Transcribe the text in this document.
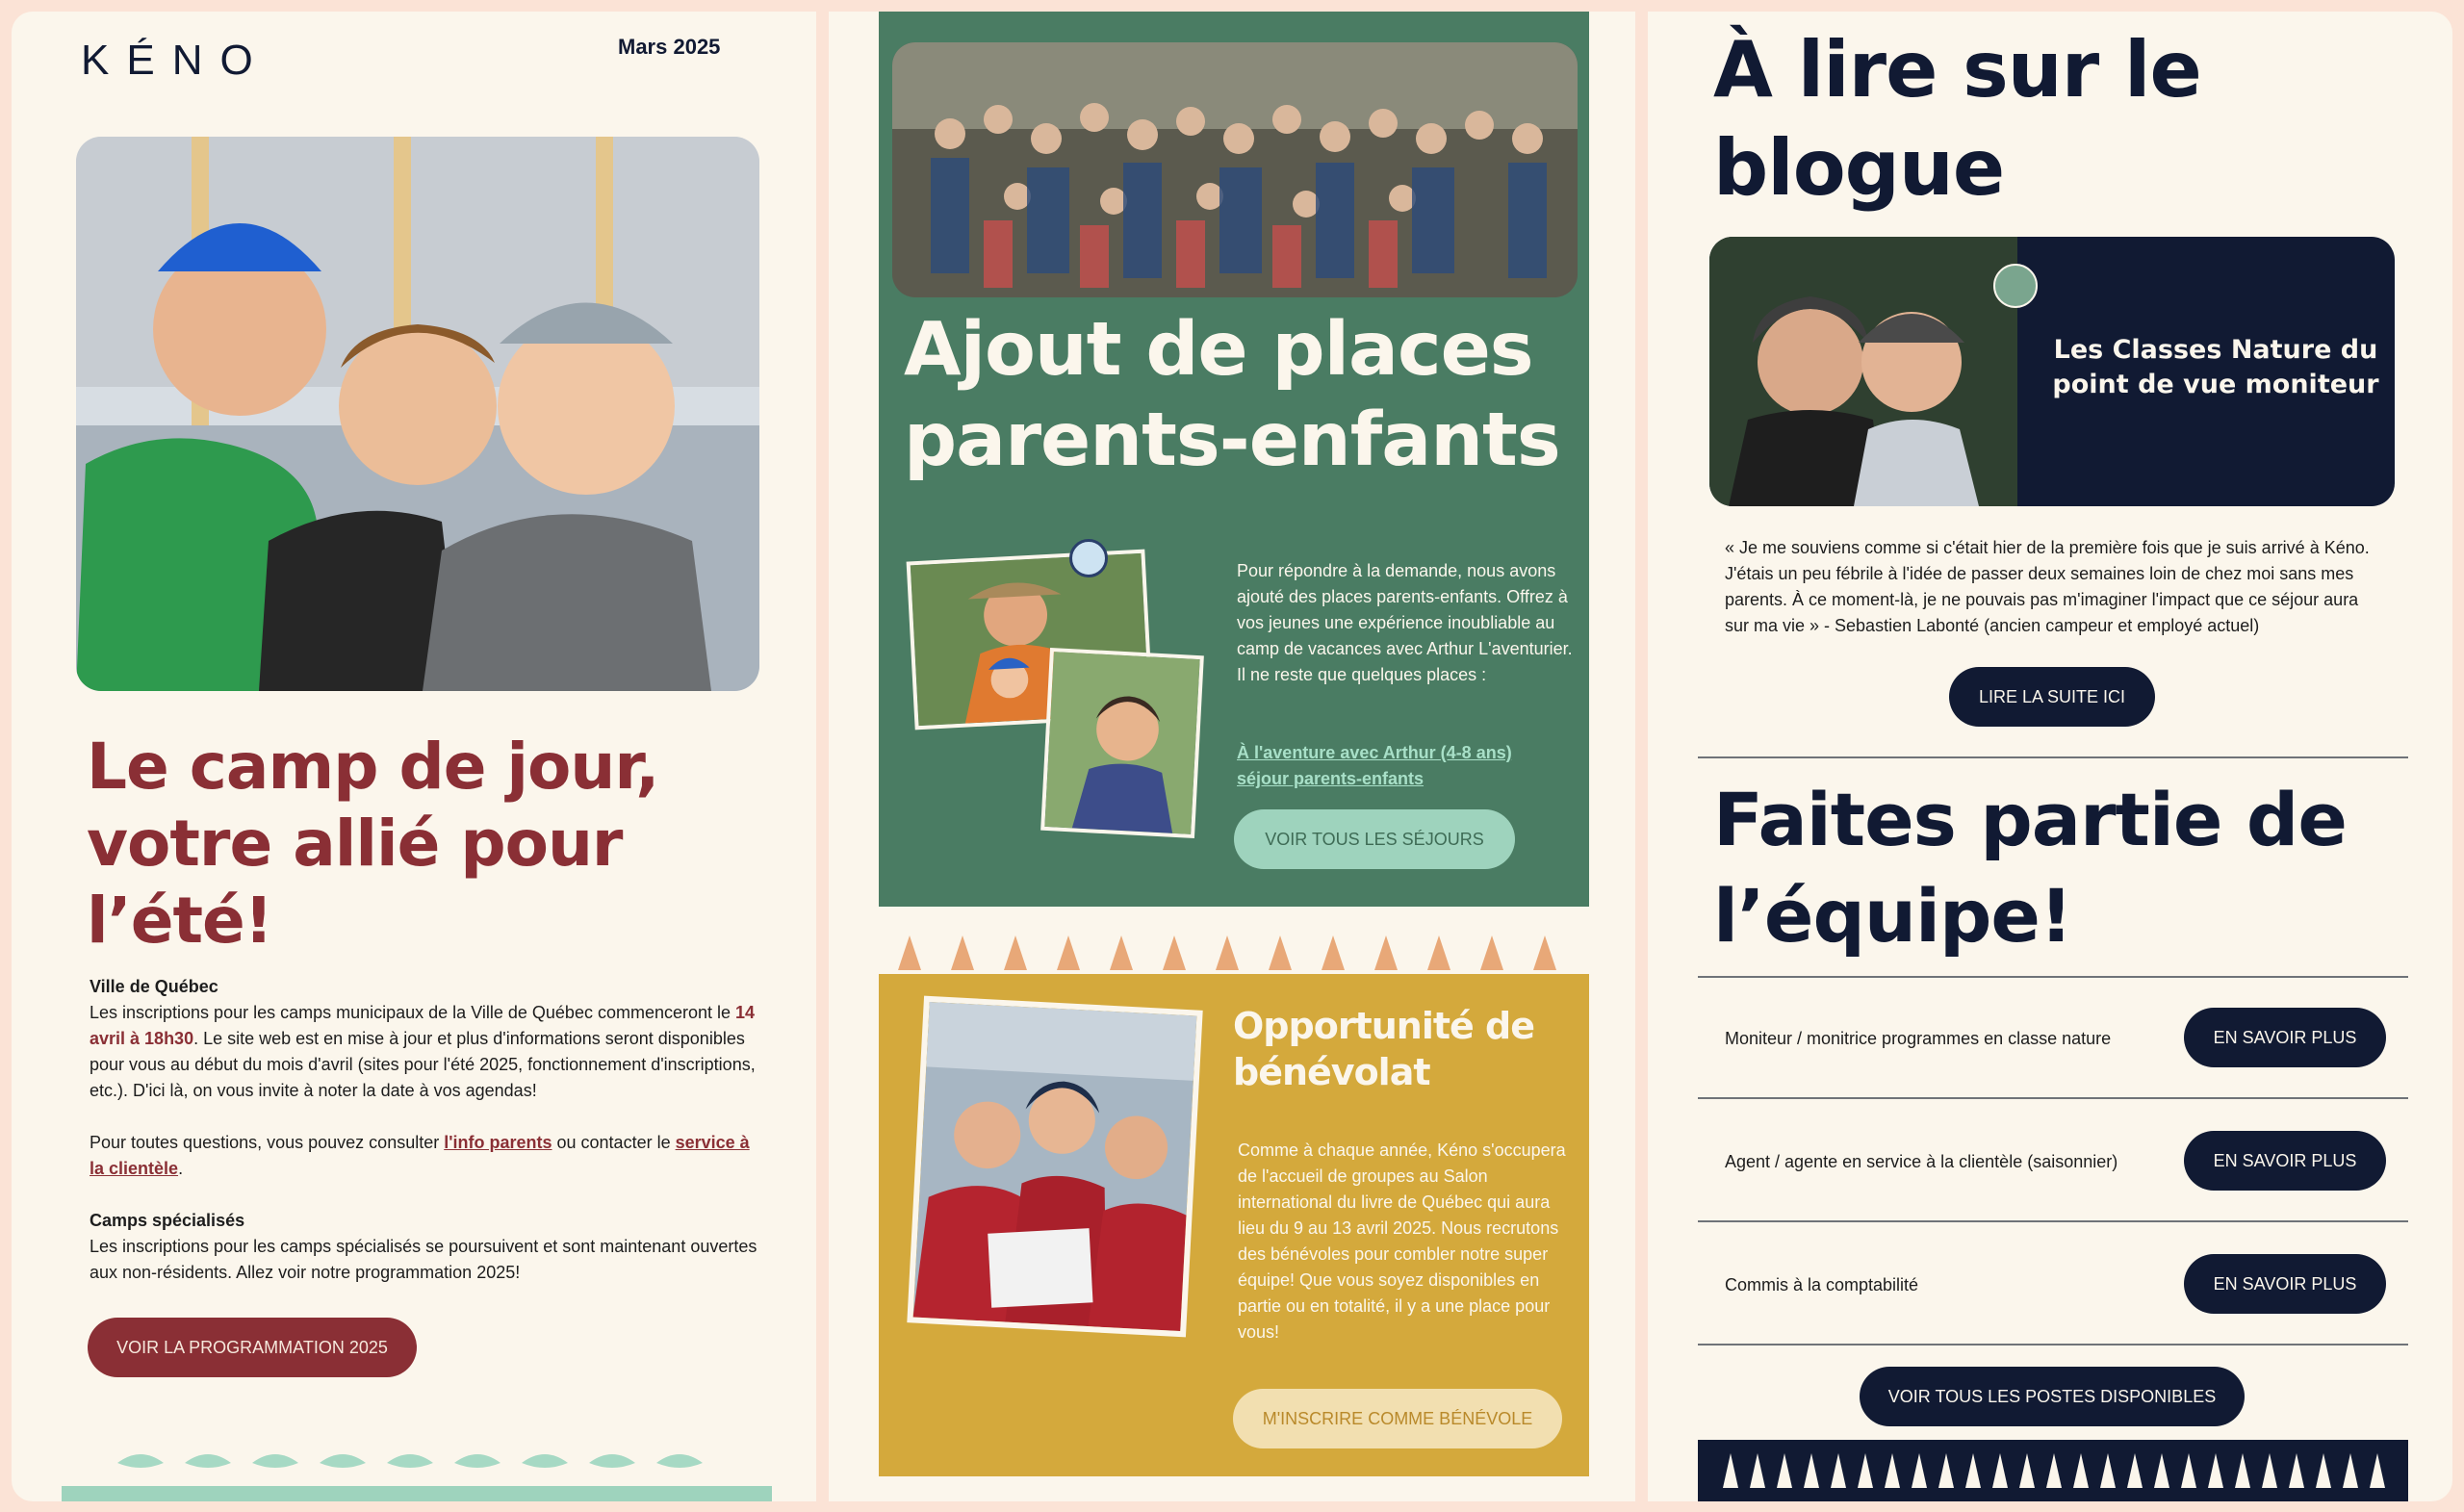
KÉNO	Mars 2025
Le camp de jour,
votre allié pour
l’été!
Ville de Québec
Les inscriptions pour les camps municipaux de la Ville de Québec commenceront le 14 avril à 18h30. Le site web est en mise à jour et plus d'informations seront disponibles pour vous au début du mois d'avril (sites pour l'été 2025, fonctionnement d'inscriptions, etc.). D'ici là, on vous invite à noter la date à vos agendas!
Pour toutes questions, vous pouvez consulter l'info parents ou contacter le service à la clientèle.
Camps spécialisés
Les inscriptions pour les camps spécialisés se poursuivent et sont maintenant ouvertes aux non-résidents. Allez voir notre programmation 2025!
VOIR LA PROGRAMMATION 2025
Ajout de places
parents-enfants
Pour répondre à la demande, nous avons ajouté des places parents-enfants. Offrez à vos jeunes une expérience inoubliable au camp de vacances avec Arthur L'aventurier. Il ne reste que quelques places :
À l'aventure avec Arthur (4-8 ans)
séjour parents-enfants
VOIR TOUS LES SÉJOURS
Opportunité de
bénévolat
Comme à chaque année, Kéno s'occupera de l'accueil de groupes au Salon international du livre de Québec qui aura lieu du 9 au 13 avril 2025. Nous recrutons des bénévoles pour combler notre super équipe! Que vous soyez disponibles en partie ou en totalité, il y a une place pour vous!
M'INSCRIRE COMME BÉNÉVOLE
À lire sur le
blogue
Les Classes Nature du
point de vue moniteur
« Je me souviens comme si c'était hier de la première fois que je suis arrivé à Kéno. J'étais un peu fébrile à l'idée de passer deux semaines loin de chez moi sans mes parents. À ce moment-là, je ne pouvais pas m'imaginer l'impact que ce séjour aura sur ma vie » - Sebastien Labonté (ancien campeur et employé actuel)
LIRE LA SUITE ICI
Faites partie de
l’équipe!
Moniteur / monitrice programmes en classe nature	EN SAVOIR PLUS
Agent / agente en service à la clientèle (saisonnier)	EN SAVOIR PLUS
Commis à la comptabilité	EN SAVOIR PLUS
VOIR TOUS LES POSTES DISPONIBLES
